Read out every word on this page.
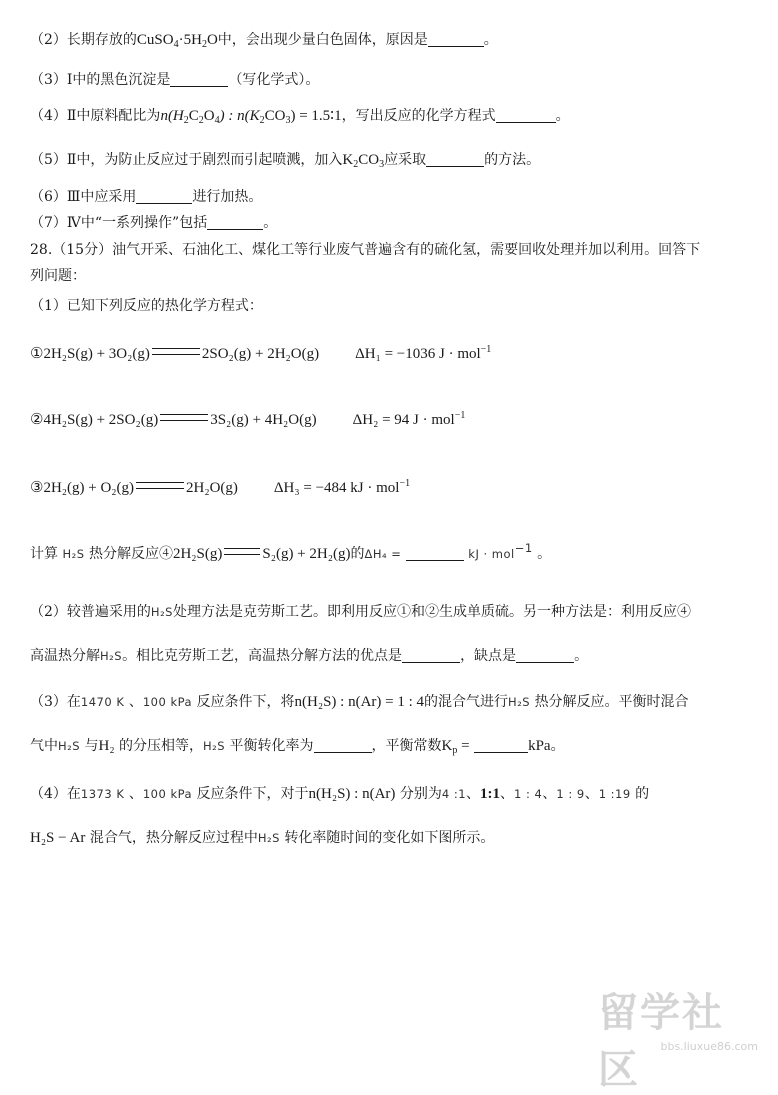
（2）长期存放的$CuSO_4\cdot 5H_2O$中，会出现少量白色固体，原因是	。
（3）Ⅰ中的黑色沉淀是	（写化学式）。
（4）Ⅱ中原料配比为$n(H_2C_2O_4)$ : $n(K_2CO_3)$ = 1.5∶1，写出反应的化学方程式	。
（5）Ⅱ中，为防止反应过于剧烈而引起喷溅，加入$K_2CO_3$应采取	的方法。
（6）Ⅲ中应采用	进行加热。
（7）Ⅳ中“一系列操作”包括	。
28.（15分）油气开采、石油化工、煤化工等行业废气普遍含有的硫化氢，需要回收处理并加以利用。回答下
列问题：
（1）已知下列反应的热化学方程式：
①2H₂S(g) + 3O₂(g)	2SO₂(g) + 2H₂O(g) ΔH₁ = −1036 J · mol$^{-1}$
②4H₂S(g) + 2SO₂(g)	3S₂(g) + 4H₂O(g) ΔH₂ = 94 J · mol$^{-1}$
③2H₂(g) + O₂(g)	2H₂O(g) ΔH₃ = −484 kJ · mol$^{-1}$
计算 H₂S 热分解反应④2H₂S(g)	S₂(g) + 2H₂(g)的ΔH₄ =	kJ · mol$^{-1}$ 。
（2）较普遍采用的H₂S处理方法是克劳斯工艺。即利用反应①和②生成单质硫。另一种方法是：利用反应④
高温热分解H₂S。相比克劳斯工艺，高温热分解方法的优点是	，缺点是	。
（3）在1470 K 、100 kPa 反应条件下，将n(H₂S) : n(Ar) = 1 : 4的混合气进行H₂S 热分解反应。平衡时混合
气中H₂S 与H₂ 的分压相等，H₂S 平衡转化率为	，平衡常数$K_p$ =	kPa。
（4）在1373 K 、100 kPa 反应条件下，对于n(H₂S) : n(Ar) 分别为4 :1、1:1、1 : 4、1 : 9、1 :19 的
H₂S − Ar 混合气，热分解反应过程中H₂S 转化率随时间的变化如下图所示。
留学社区
bbs.liuxue86.com
